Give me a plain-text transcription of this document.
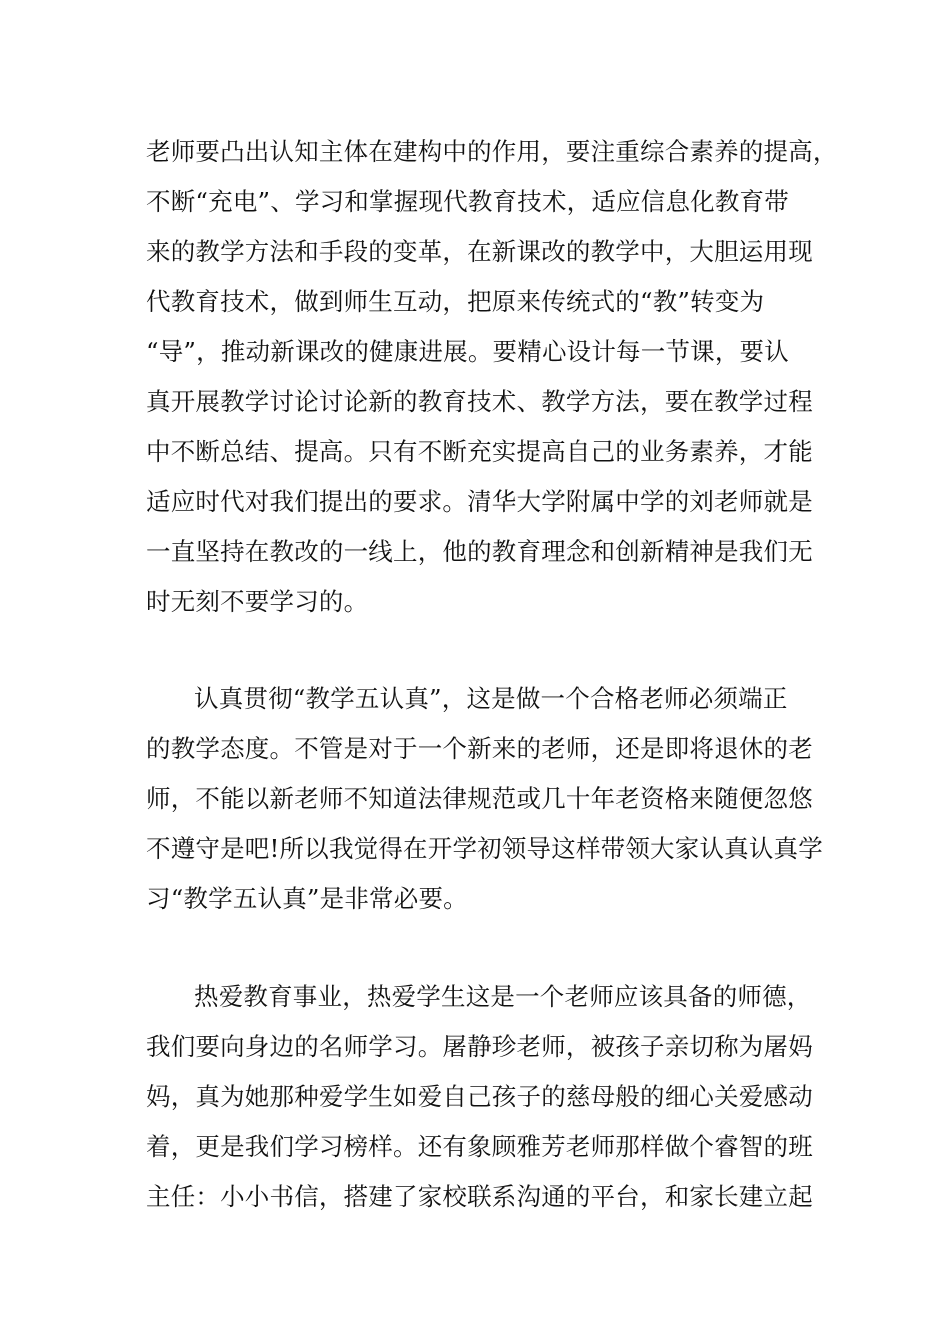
老师要凸出认知主体在建构中的作用，要注重综合素养的提高，
不断“充电”、学习和掌握现代教育技术，适应信息化教育带
来的教学方法和手段的变革，在新课改的教学中，大胆运用现
代教育技术，做到师生互动，把原来传统式的“教”转变为
“导”，推动新课改的健康进展。要精心设计每一节课，要认
真开展教学讨论讨论新的教育技术、教学方法，要在教学过程
中不断总结、提高。只有不断充实提高自己的业务素养，才能
适应时代对我们提出的要求。清华大学附属中学的刘老师就是
一直坚持在教改的一线上，他的教育理念和创新精神是我们无
时无刻不要学习的。
认真贯彻“教学五认真”，这是做一个合格老师必须端正
的教学态度。不管是对于一个新来的老师，还是即将退休的老
师，不能以新老师不知道法律规范或几十年老资格来随便忽悠
不遵守是吧!所以我觉得在开学初领导这样带领大家认真认真学
习“教学五认真”是非常必要。
热爱教育事业，热爱学生这是一个老师应该具备的师德，
我们要向身边的名师学习。屠静珍老师，被孩子亲切称为屠妈
妈，真为她那种爱学生如爱自己孩子的慈母般的细心关爱感动
着，更是我们学习榜样。还有象顾雅芳老师那样做个睿智的班
主任：小小书信，搭建了家校联系沟通的平台，和家长建立起
